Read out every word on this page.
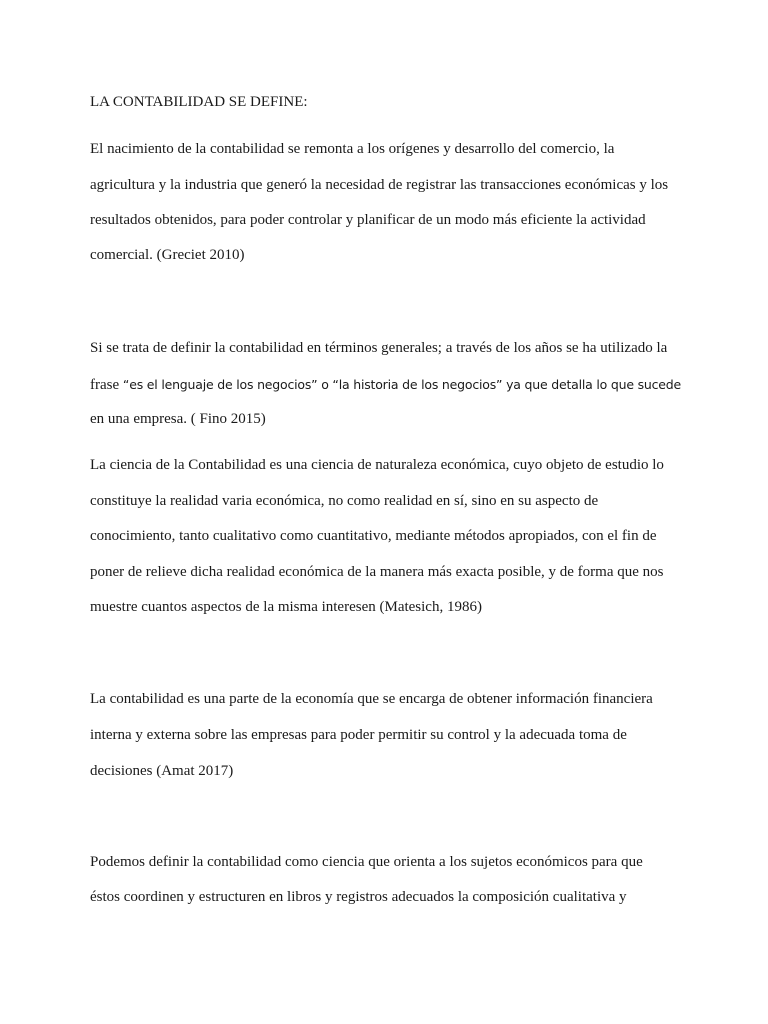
LA CONTABILIDAD SE DEFINE:

El nacimiento de la contabilidad se remonta a los orígenes y desarrollo del comercio, la

agricultura y la industria que generó la necesidad de registrar las transacciones económicas y los

resultados obtenidos, para poder controlar y planificar de un modo más eficiente la actividad

comercial. (Greciet 2010)

Si se trata de definir la contabilidad en términos generales; a través de los años se ha utilizado la

frase “es el lenguaje de los negocios” o “la historia de los negocios” ya que detalla lo que sucede

en una empresa. ( Fino 2015)

La ciencia de la Contabilidad es una ciencia de naturaleza económica, cuyo objeto de estudio lo

constituye la realidad varia económica, no como realidad en sí, sino en su aspecto de

conocimiento, tanto cualitativo como cuantitativo, mediante métodos apropiados, con el fin de

poner de relieve dicha realidad económica de la manera más exacta posible, y de forma que nos

muestre cuantos aspectos de la misma interesen (Matesich, 1986)

La contabilidad es una parte de la economía que se encarga de obtener información financiera

interna y externa sobre las empresas para poder permitir su control y la adecuada toma de

decisiones (Amat 2017)

Podemos definir la contabilidad como ciencia que orienta a los sujetos económicos para que

éstos coordinen y estructuren en libros y registros adecuados la composición cualitativa y
